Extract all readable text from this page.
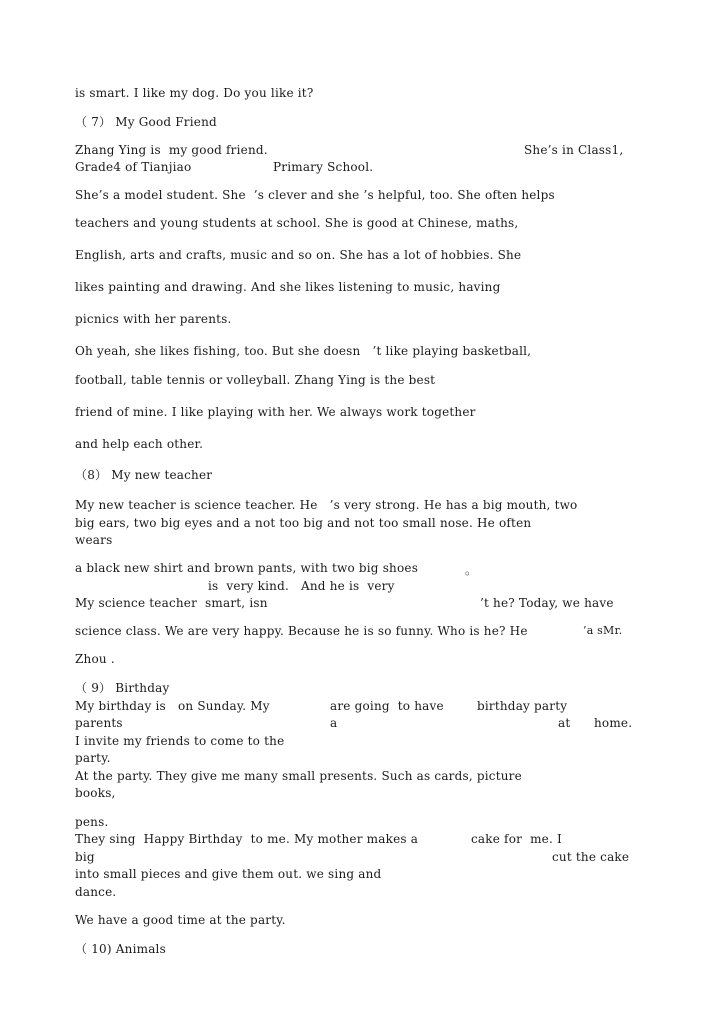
is smart. I like my dog. Do you like it?
（ 7） My Good Friend
Zhang Ying is  my good friend.	She’s in Class1,
Grade4 of Tianjiao	Primary School.
She’s a model student. She  ’s clever and she ’s helpful, too. She often helps
teachers and young students at school. She is good at Chinese, maths,
English, arts and crafts, music and so on. She has a lot of hobbies. She
likes painting and drawing. And she likes listening to music, having
picnics with her parents.
Oh yeah, she likes fishing, too. But she doesn   ’t like playing basketball,
football, table tennis or volleyball. Zhang Ying is the best
friend of mine. I like playing with her. We always work together
and help each other.
（8） My new teacher
My new teacher is science teacher. He   ’s very strong. He has a big mouth, two
big ears, two big eyes and a not too big and not too small nose. He often
wears
a black new shirt and brown pants, with two big shoes	。
is  very kind.   And he is  very
My science teacher  smart, isn	’t he? Today, we have
science class. We are very happy. Because he is so funny. Who is he? He	’a sMr.
Zhou .
（ 9） Birthday
My birthday is   on Sunday. My	are going  to have	birthday party
parents	a	at home.
I invite my friends to come to the
party.
At the party. They give me many small presents. Such as cards, picture
books,
pens.
They sing  Happy Birthday  to me. My mother makes a	cake for  me. I
big	cut the cake
into small pieces and give them out. we sing and
dance.
We have a good time at the party.
（ 10) Animals
